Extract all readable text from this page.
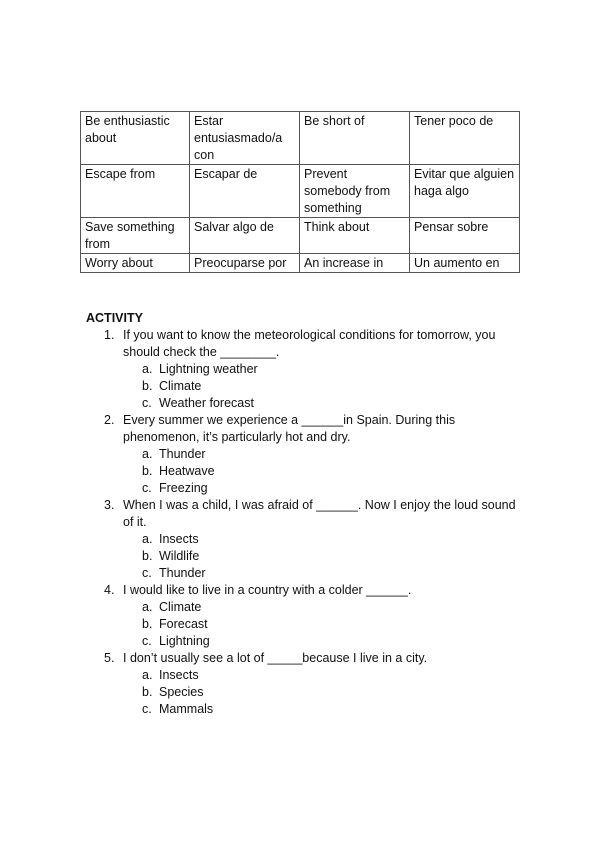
Be enthusiastic about	Estar entusiasmado/a con	Be short of	Tener poco de
Escape from	Escapar de	Prevent somebody from something	Evitar que alguien haga algo
Save something from	Salvar algo de	Think about	Pensar sobre
Worry about	Preocuparse por	An increase in	Un aumento en
ACTIVITY
1. If you want to know the meteorological conditions for tomorrow, you should check the ________.
a. Lightning weather
b. Climate
c. Weather forecast
2. Every summer we experience a ______in Spain. During this phenomenon, it’s particularly hot and dry.
a. Thunder
b. Heatwave
c. Freezing
3. When I was a child, I was afraid of ______. Now I enjoy the loud sound of it.
a. Insects
b. Wildlife
c. Thunder
4. I would like to live in a country with a colder ______.
a. Climate
b. Forecast
c. Lightning
5. I don’t usually see a lot of _____because I live in a city.
a. Insects
b. Species
c. Mammals
